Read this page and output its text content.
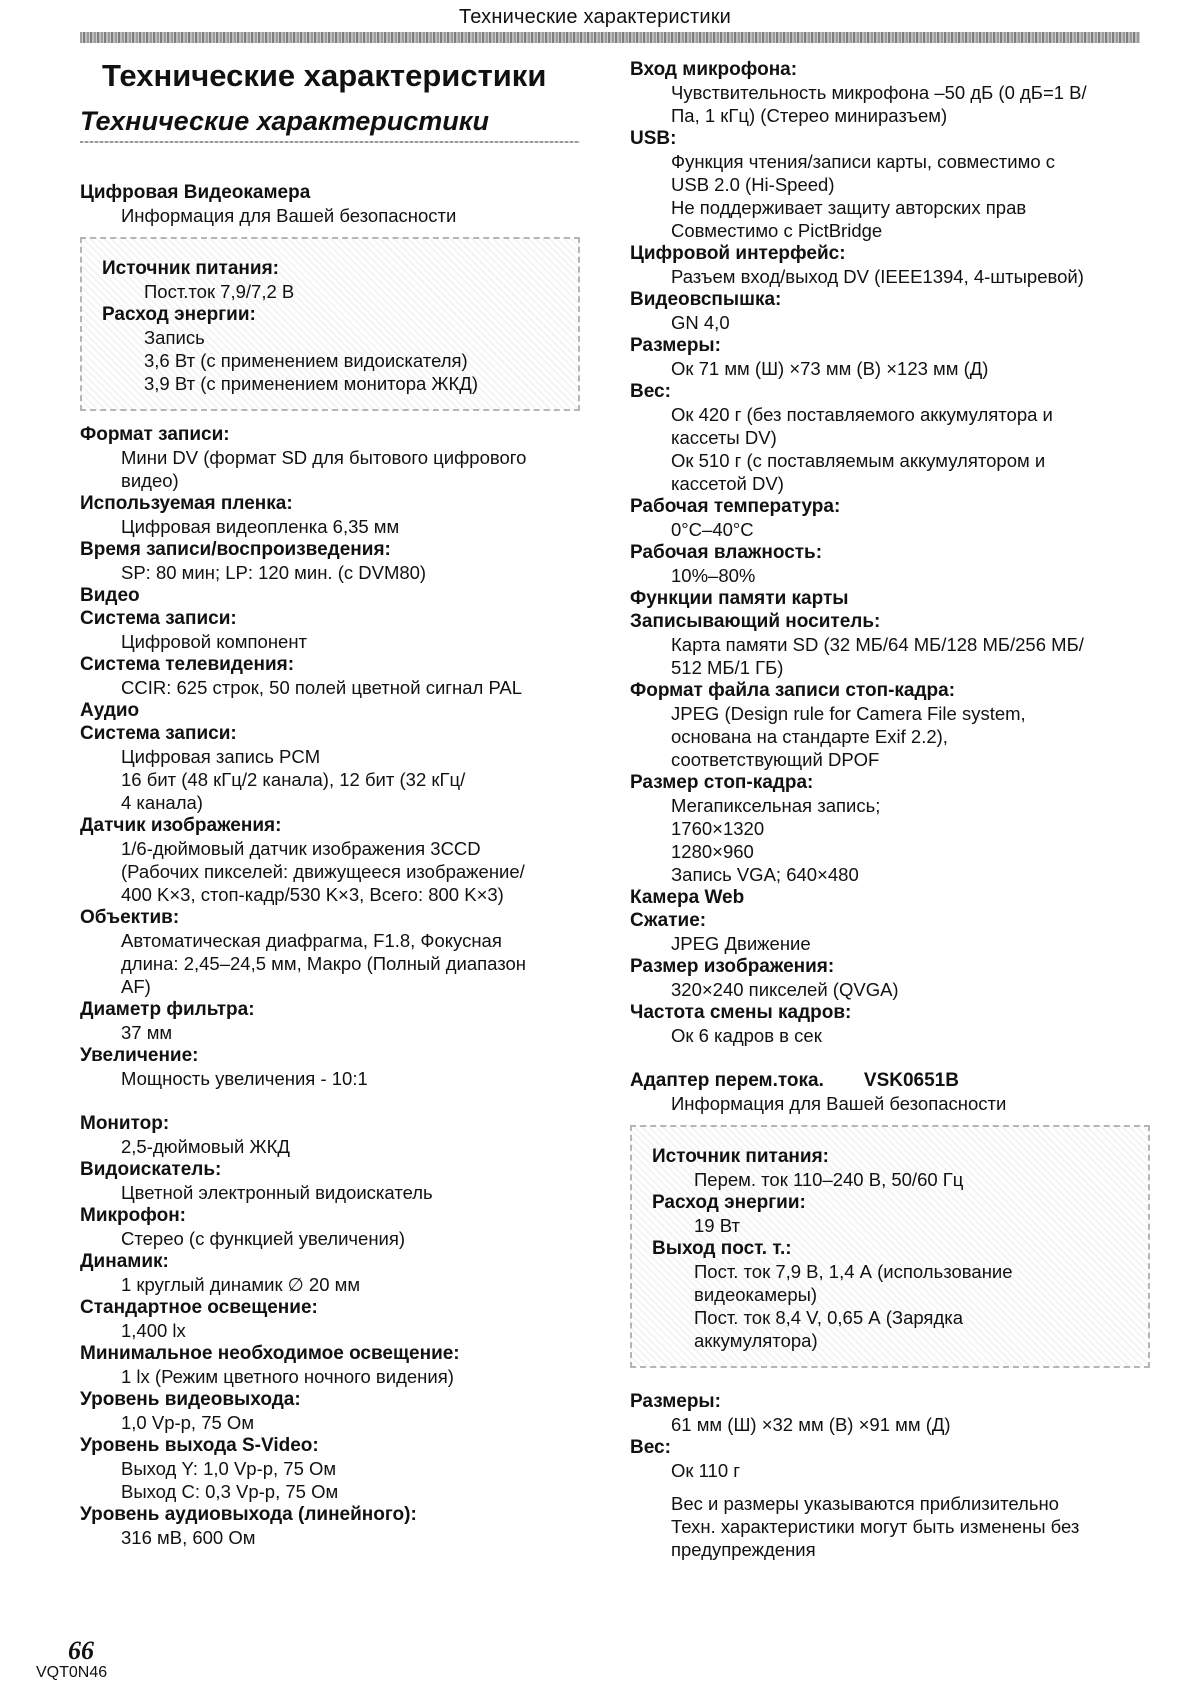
Технические характеристики
Технические характеристики
Технические характеристики
Цифровая Видеокамера
Информация для Вашей безопасности
Источник питания:
Пост.ток 7,9/7,2 В
Расход энергии:
Запись
3,6 Вт (с применением видоискателя)
3,9 Вт (с применением монитора ЖКД)
Формат записи:
Мини DV (формат SD для бытового цифрового
видео)
Используемая пленка:
Цифровая видеопленка 6,35 мм
Время записи/воспроизведения:
SP: 80 мин; LP: 120 мин. (с DVM80)
Видео
Система записи:
Цифровой компонент
Система телевидения:
CCIR: 625 строк, 50 полей цветной сигнал PAL
Аудио
Система записи:
Цифровая запись PCM
16 бит (48 кГц/2 канала), 12 бит (32 кГц/
4 канала)
Датчик изображения:
1/6-дюймовый датчик изображения 3CCD
(Рабочих пикселей: движущееся изображение/
400 K×3, стоп-кадр/530 K×3, Всего: 800 K×3)
Объектив:
Автоматическая диафрагма, F1.8, Фокусная
длина: 2,45–24,5 мм, Макро (Полный диапазон
AF)
Диаметр фильтра:
37 мм
Увеличение:
Мощность увеличения - 10:1
Монитор:
2,5-дюймовый ЖКД
Видоискатель:
Цветной электронный видоискатель
Микрофон:
Стерео (с функцией увеличения)
Динамик:
1 круглый динамик ∅ 20 мм
Стандартное освещение:
1,400 lx
Минимальное необходимое освещение:
1 lx (Режим цветного ночного видения)
Уровень видеовыхода:
1,0 Vp-p, 75 Ом
Уровень выхода S-Video:
Выход Y: 1,0 Vp-p, 75 Ом
Выход C: 0,3 Vp-p, 75 Ом
Уровень аудиовыхода (линейного):
316 мВ, 600 Ом
Вход микрофона:
Чувствительность микрофона –50 дБ (0 дБ=1 В/
Па, 1 кГц) (Стерео миниразъем)
USB:
Функция чтения/записи карты, совместимо с
USB 2.0 (Hi-Speed)
Не поддерживает защиту авторских прав
Совместимо с PictBridge
Цифровой интерфейс:
Разъем вход/выход DV (IEEE1394, 4-штыревой)
Видеовспышка:
GN 4,0
Размеры:
Ок 71 мм (Ш) ×73 мм (В) ×123 мм (Д)
Вес:
Ок 420 г (без поставляемого аккумулятора и
кассеты DV)
Ок 510 г (с поставляемым аккумулятором и
кассетой DV)
Рабочая температура:
0°C–40°C
Рабочая влажность:
10%–80%
Функции памяти карты
Записывающий носитель:
Карта памяти SD (32 МБ/64 МБ/128 МБ/256 МБ/
512 МБ/1 ГБ)
Формат файла записи стоп-кадра:
JPEG (Design rule for Camera File system,
основана на стандарте Exif 2.2),
соответствующий DPOF
Размер стоп-кадра:
Мегапиксельная запись;
1760×1320
1280×960
Запись VGA; 640×480
Камера Web
Сжатие:
JPEG Движение
Размер изображения:
320×240 пикселей (QVGA)
Частота смены кадров:
Ок 6 кадров в сек
Адаптер перем.тока. VSK0651B
Информация для Вашей безопасности
Источник питания:
Перем. ток 110–240 В, 50/60 Гц
Расход энергии:
19 Вт
Выход пост. т.:
Пост. ток 7,9 В, 1,4 А (использование
видеокамеры)
Пост. ток 8,4 V, 0,65 А (Зарядка
аккумулятора)
Размеры:
61 мм (Ш) ×32 мм (В) ×91 мм (Д)
Вес:
Ок 110 г
Вес и размеры указываются приблизительно
Техн. характеристики могут быть изменены без
предупреждения
66
VQT0N46
